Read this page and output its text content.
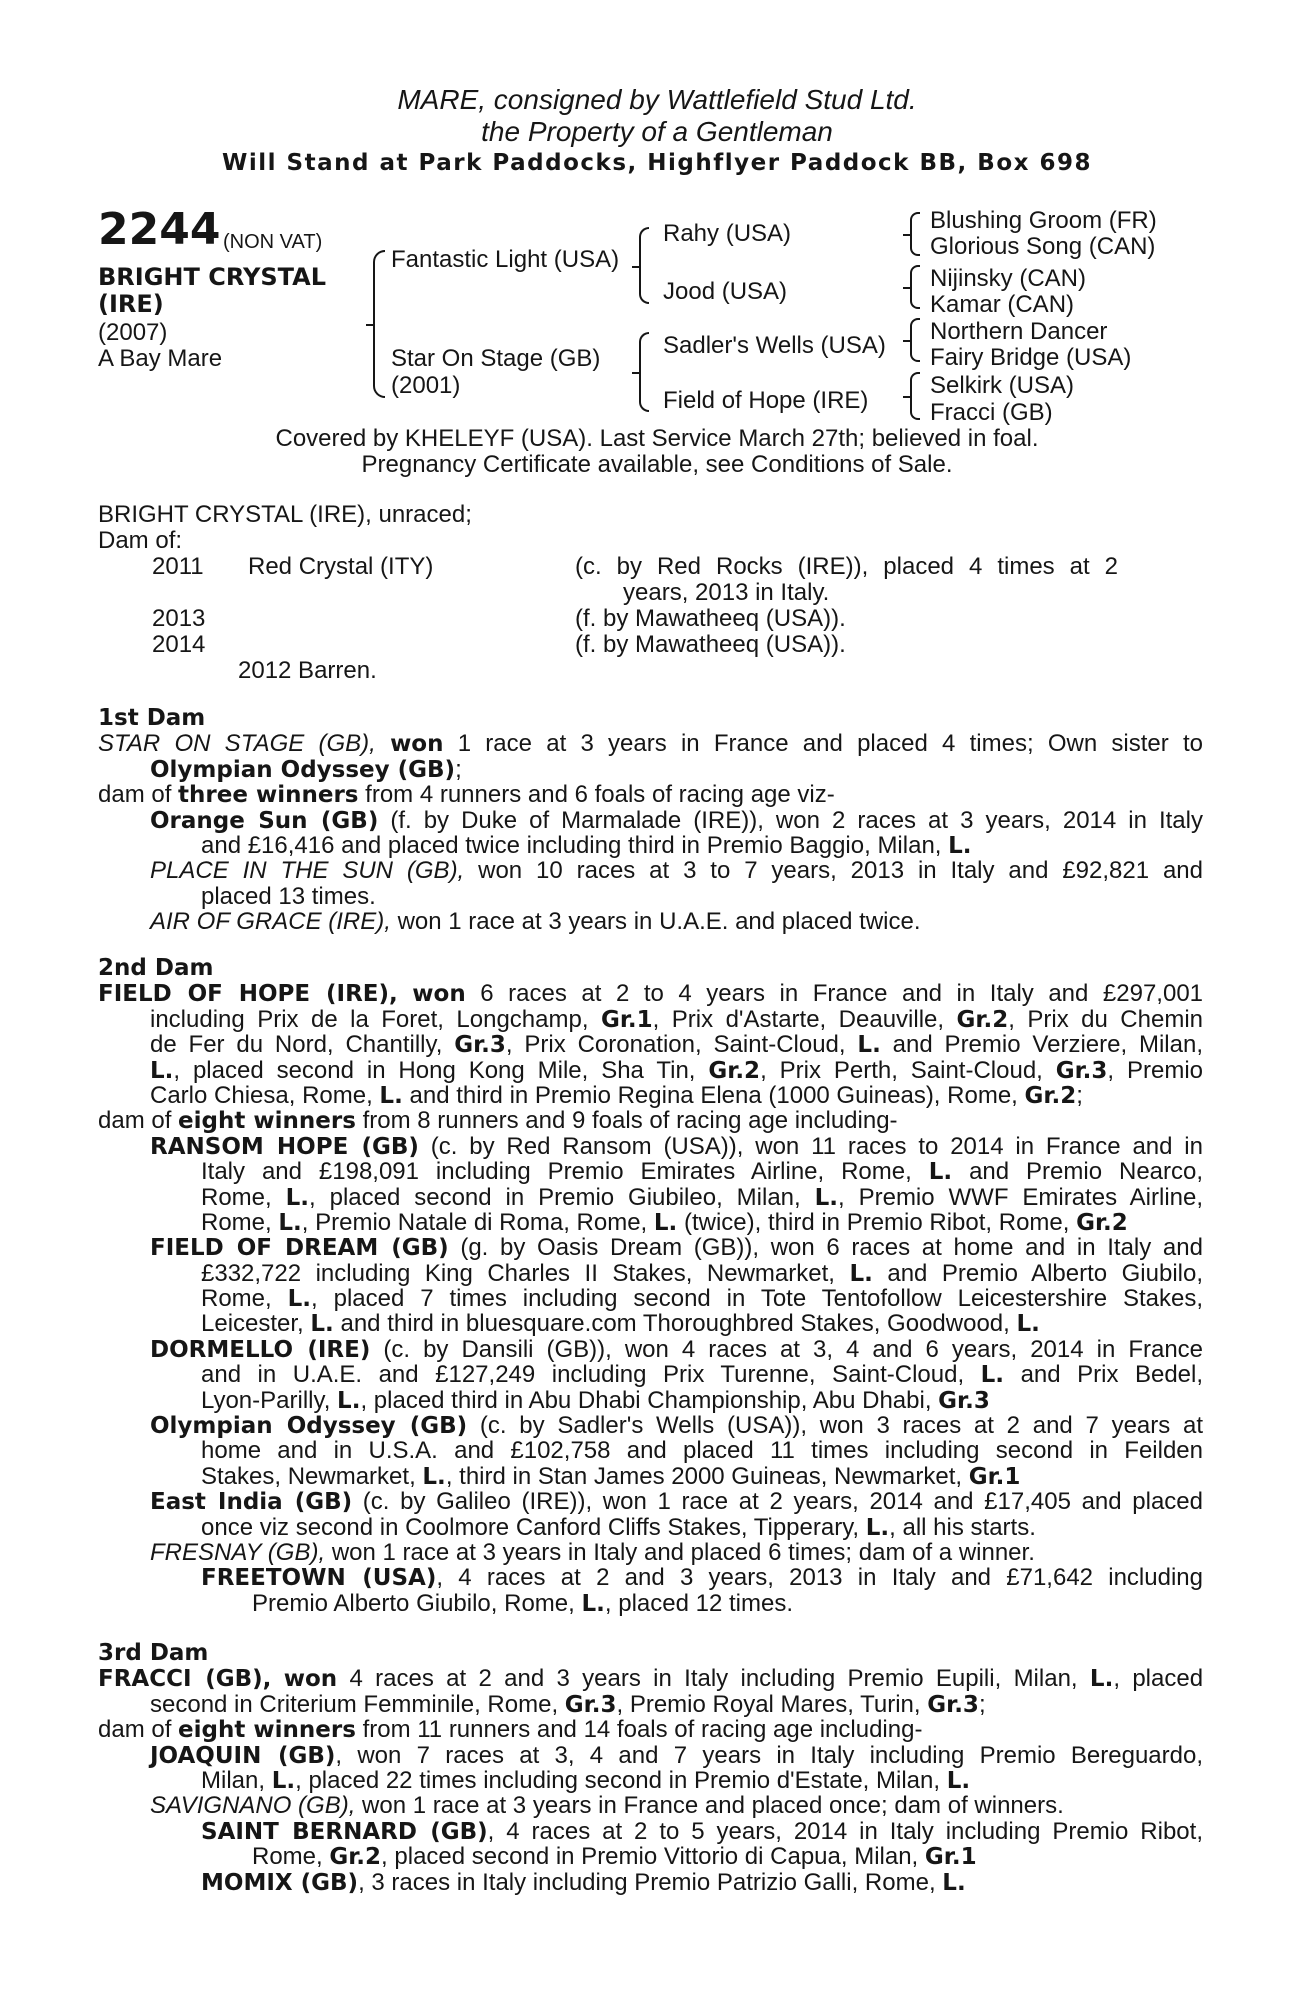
MARE, consigned by Wattlefield Stud Ltd.
the Property of a Gentleman
Will Stand at Park Paddocks, Highflyer Paddock BB, Box 698
2244 (NON VAT)
BRIGHT CRYSTAL
(IRE)
(2007)
A Bay Mare
Fantastic Light (USA)
Star On Stage (GB)
(2001)
Rahy (USA)
Jood (USA)
Sadler's Wells (USA)
Field of Hope (IRE)
Blushing Groom (FR)
Glorious Song (CAN)
Nijinsky (CAN)
Kamar (CAN)
Northern Dancer
Fairy Bridge (USA)
Selkirk (USA)
Fracci (GB)
Covered by KHELEYF (USA). Last Service March 27th; believed in foal.
Pregnancy Certificate available, see Conditions of Sale.
BRIGHT CRYSTAL (IRE), unraced;
Dam of:
2011 Red Crystal (ITY)	(c. by Red Rocks (IRE)), placed 4 times at 2
years, 2013 in Italy.
2013	(f. by Mawatheeq (USA)).
2014	(f. by Mawatheeq (USA)).
2012 Barren.
1st Dam
STAR ON STAGE (GB), won 1 race at 3 years in France and placed 4 times; Own sister to
Olympian Odyssey (GB);
dam of three winners from 4 runners and 6 foals of racing age viz-
Orange Sun (GB) (f. by Duke of Marmalade (IRE)), won 2 races at 3 years, 2014 in Italy
and £16,416 and placed twice including third in Premio Baggio, Milan, L.
PLACE IN THE SUN (GB), won 10 races at 3 to 7 years, 2013 in Italy and £92,821 and
placed 13 times.
AIR OF GRACE (IRE), won 1 race at 3 years in U.A.E. and placed twice.
2nd Dam
FIELD OF HOPE (IRE), won 6 races at 2 to 4 years in France and in Italy and £297,001
including Prix de la Foret, Longchamp, Gr.1, Prix d'Astarte, Deauville, Gr.2, Prix du Chemin
de Fer du Nord, Chantilly, Gr.3, Prix Coronation, Saint-Cloud, L. and Premio Verziere, Milan,
L., placed second in Hong Kong Mile, Sha Tin, Gr.2, Prix Perth, Saint-Cloud, Gr.3, Premio
Carlo Chiesa, Rome, L. and third in Premio Regina Elena (1000 Guineas), Rome, Gr.2;
dam of eight winners from 8 runners and 9 foals of racing age including-
RANSOM HOPE (GB) (c. by Red Ransom (USA)), won 11 races to 2014 in France and in
Italy and £198,091 including Premio Emirates Airline, Rome, L. and Premio Nearco,
Rome, L., placed second in Premio Giubileo, Milan, L., Premio WWF Emirates Airline,
Rome, L., Premio Natale di Roma, Rome, L. (twice), third in Premio Ribot, Rome, Gr.2
FIELD OF DREAM (GB) (g. by Oasis Dream (GB)), won 6 races at home and in Italy and
£332,722 including King Charles II Stakes, Newmarket, L. and Premio Alberto Giubilo,
Rome, L., placed 7 times including second in Tote Tentofollow Leicestershire Stakes,
Leicester, L. and third in bluesquare.com Thoroughbred Stakes, Goodwood, L.
DORMELLO (IRE) (c. by Dansili (GB)), won 4 races at 3, 4 and 6 years, 2014 in France
and in U.A.E. and £127,249 including Prix Turenne, Saint-Cloud, L. and Prix Bedel,
Lyon-Parilly, L., placed third in Abu Dhabi Championship, Abu Dhabi, Gr.3
Olympian Odyssey (GB) (c. by Sadler's Wells (USA)), won 3 races at 2 and 7 years at
home and in U.S.A. and £102,758 and placed 11 times including second in Feilden
Stakes, Newmarket, L., third in Stan James 2000 Guineas, Newmarket, Gr.1
East India (GB) (c. by Galileo (IRE)), won 1 race at 2 years, 2014 and £17,405 and placed
once viz second in Coolmore Canford Cliffs Stakes, Tipperary, L., all his starts.
FRESNAY (GB), won 1 race at 3 years in Italy and placed 6 times; dam of a winner.
FREETOWN (USA), 4 races at 2 and 3 years, 2013 in Italy and £71,642 including
Premio Alberto Giubilo, Rome, L., placed 12 times.
3rd Dam
FRACCI (GB), won 4 races at 2 and 3 years in Italy including Premio Eupili, Milan, L., placed
second in Criterium Femminile, Rome, Gr.3, Premio Royal Mares, Turin, Gr.3;
dam of eight winners from 11 runners and 14 foals of racing age including-
JOAQUIN (GB), won 7 races at 3, 4 and 7 years in Italy including Premio Bereguardo,
Milan, L., placed 22 times including second in Premio d'Estate, Milan, L.
SAVIGNANO (GB), won 1 race at 3 years in France and placed once; dam of winners.
SAINT BERNARD (GB), 4 races at 2 to 5 years, 2014 in Italy including Premio Ribot,
Rome, Gr.2, placed second in Premio Vittorio di Capua, Milan, Gr.1
MOMIX (GB), 3 races in Italy including Premio Patrizio Galli, Rome, L.
